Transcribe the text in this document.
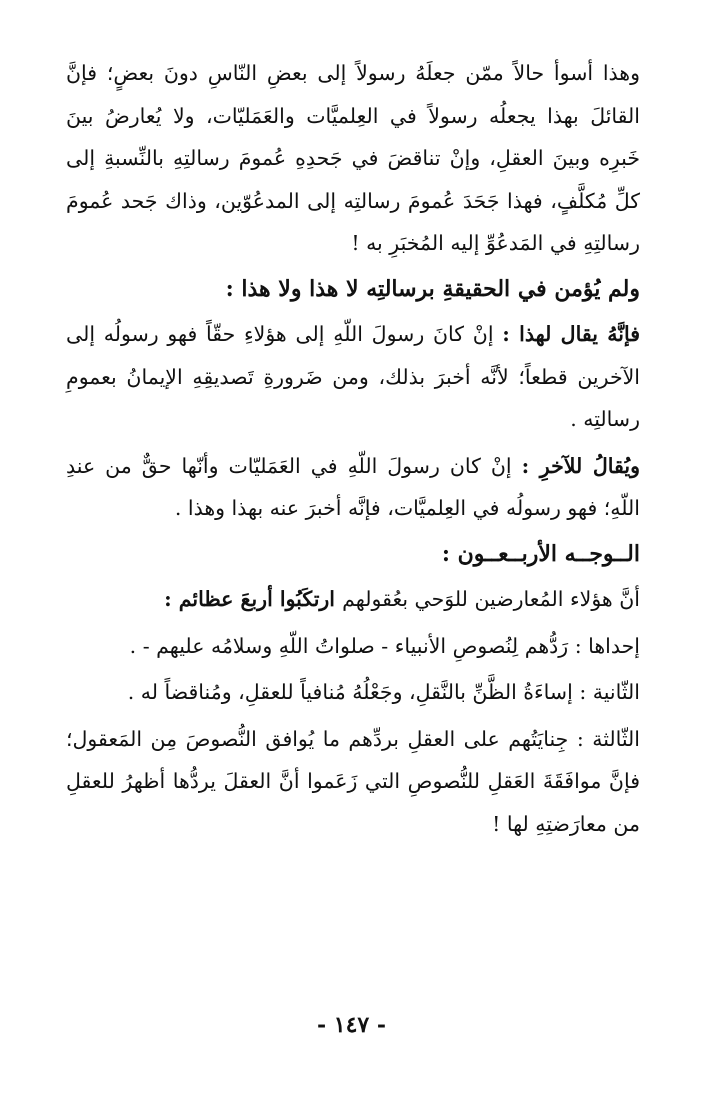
وهذا أسوأ حالاً ممّن جعلَهُ رسولاً إلى بعضِ النّاسِ دونَ بعضٍ؛ فإنَّ القائلَ بهذا يجعلُه رسولاً في العِلميَّات والعَمَليّات، ولا يُعارضُ بينَ خَبرِه وبينَ العقلِ، وإنْ تناقضَ في جَحدِهِ عُمومَ رسالتِهِ بالنِّسبةِ إلى كلِّ مُكلَّفٍ، فهذا جَحَدَ عُمومَ رسالتِه إلى المدعُوّين، وذاك جَحد عُمومَ رسالتِهِ في المَدعُوِّ إليه المُخبَرِ به !

ولم يُؤمن في الحقيقةِ برسالتِه لا هذا ولا هذا :

فإنَّهُ يقال لهذا : إنْ كانَ رسولَ اللّهِ إلى هؤلاءِ حقّاً فهو رسولُه إلى الآخرين قطعاً؛ لأنَّه أخبرَ بذلك، ومن ضَرورةِ تَصديقِهِ الإيمانُ بعمومِ رسالتِه .

ويُقالُ للآخرِ : إنْ كان رسولَ اللّهِ في العَمَليّات وأنّها حقٌّ من عندِ اللّهِ؛ فهو رسولُه في العِلميَّات، فإنَّه أخبرَ عنه بهذا وهذا .

الــوجــه الأربــعــون :

أنَّ هؤلاء المُعارضين للوَحي بعُقولهم ارتكَبُوا أربعَ عظائم :

إحداها : رَدُّهم لِنُصوصِ الأنبياء - صلواتُ اللّهِ وسلامُه عليهم - .

الثّانية : إساءَةُ الظَّنِّ بالنَّقلِ، وجَعْلُهُ مُنافياً للعقلِ، ومُناقضاً له .

الثّالثة : جِنايَتُهم على العقلِ بردِّهم ما يُوافق النُّصوصَ مِن المَعقول؛ فإنَّ موافَقَةَ العَقلِ للنُّصوصِ التي زَعَموا أنَّ العقلَ يردُّها أظهرُ للعقلِ من معارَضتِهِ لها !

- ١٤٧ -
